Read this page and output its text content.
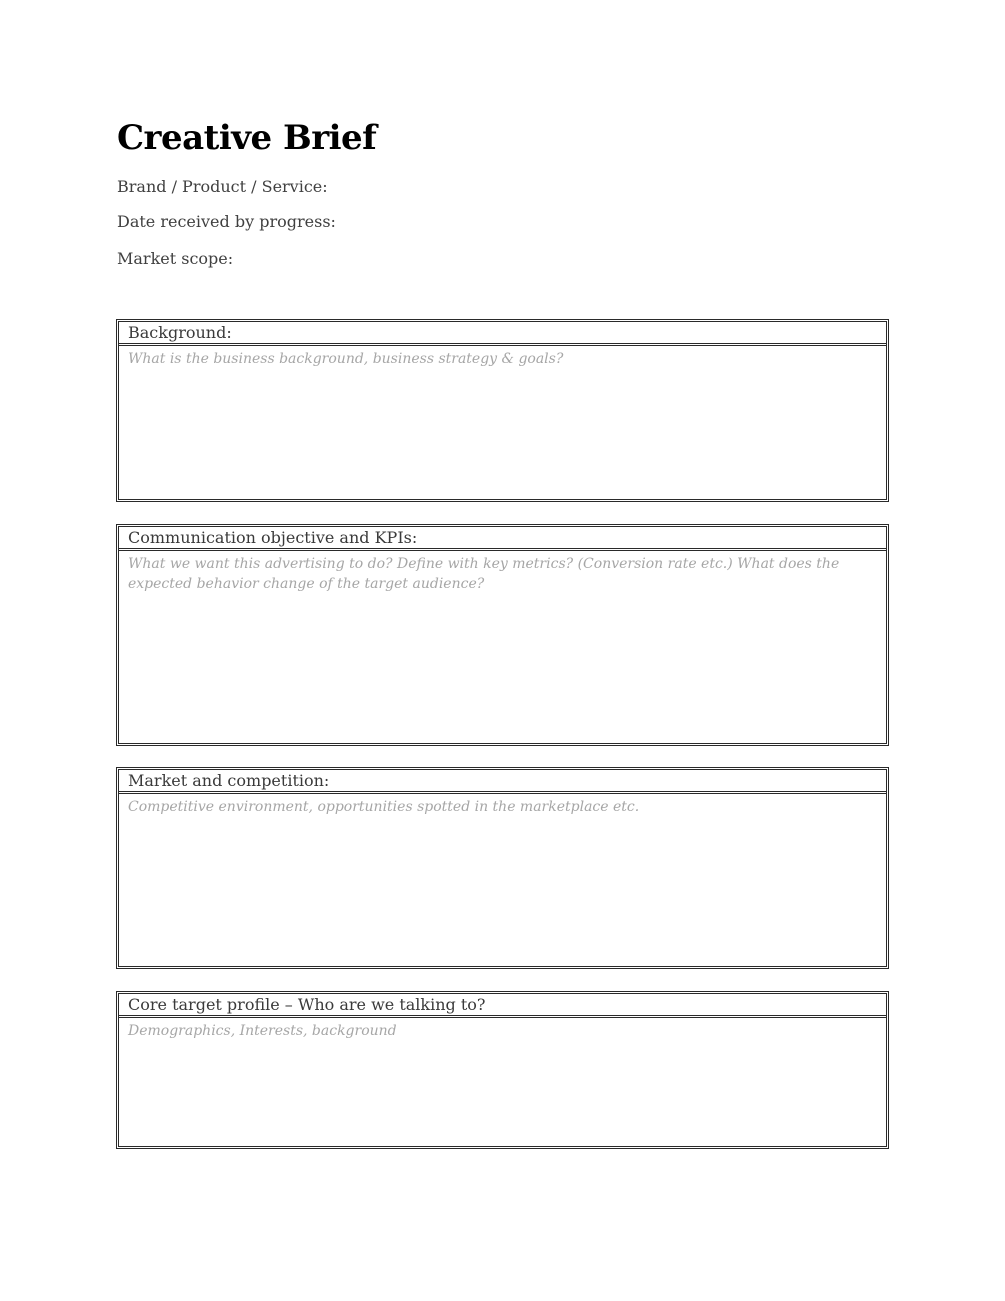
Creative Brief
Brand / Product / Service:
Date received by progress:
Market scope:
Background:
What is the business background, business strategy & goals?
Communication objective and KPIs:
What we want this advertising to do? Define with key metrics? (Conversion rate etc.) What does the expected behavior change of the target audience?
Market and competition:
Competitive environment, opportunities spotted in the marketplace etc.
Core target profile – Who are we talking to?
Demographics, Interests, background
